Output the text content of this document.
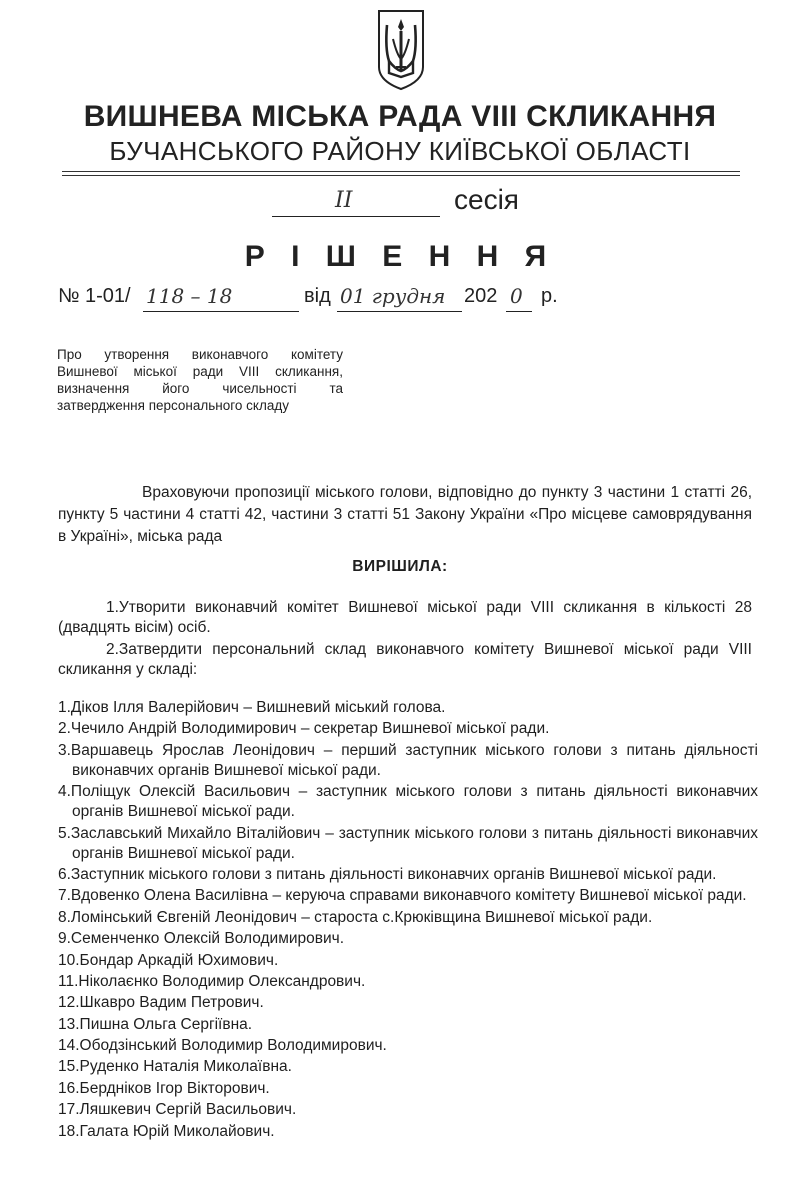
ВИШНЕВА МІСЬКА РАДА VIII СКЛИКАННЯ
БУЧАНСЬКОГО РАЙОНУ КИЇВСЬКОЇ ОБЛАСТІ
ІІ	сесія
Р І Ш Е Н Н Я
№ 1-01/ 118 – 18	від 01 грудня 202 0 р.
Про утворення виконавчого комітету Вишневої міської ради VIII скликання, визначення його чисельності та затвердження персонального складу
Враховуючи пропозиції міського голови, відповідно до пункту 3 частини 1 статті 26, пункту 5 частини 4 статті 42, частини 3 статті 51 Закону України «Про місцеве самоврядування в Україні», міська рада
ВИРІШИЛА:
1.Утворити виконавчий комітет Вишневої міської ради VIII скликання в кількості 28 (двадцять вісім) осіб.
2.Затвердити персональний склад виконавчого комітету Вишневої міської ради VIII скликання у складі:
1.Діков Ілля Валерійович – Вишневий міський голова.
2.Чечило Андрій Володимирович – секретар Вишневої міської ради.
3.Варшавець Ярослав Леонідович – перший заступник міського голови з питань діяльності виконавчих органів Вишневої міської ради.
4.Поліщук Олексій Васильович – заступник міського голови з питань діяльності виконавчих органів Вишневої міської ради.
5.Заславський Михайло Віталійович – заступник міського голови з питань діяльності виконавчих органів Вишневої міської ради.
6.Заступник міського голови з питань діяльності виконавчих органів Вишневої міської ради.
7.Вдовенко Олена Василівна – керуюча справами виконавчого комітету Вишневої міської ради.
8.Ломінський Євгеній Леонідович – староста с.Крюківщина Вишневої міської ради.
9.Семенченко Олексій Володимирович.
10.Бондар Аркадій Юхимович.
11.Ніколаєнко Володимир Олександрович.
12.Шкавро Вадим Петрович.
13.Пишна Ольга Сергіївна.
14.Ободзінський Володимир Володимирович.
15.Руденко Наталія Миколаївна.
16.Бердніков Ігор Вікторович.
17.Ляшкевич Сергій Васильович.
18.Галата Юрій Миколайович.
